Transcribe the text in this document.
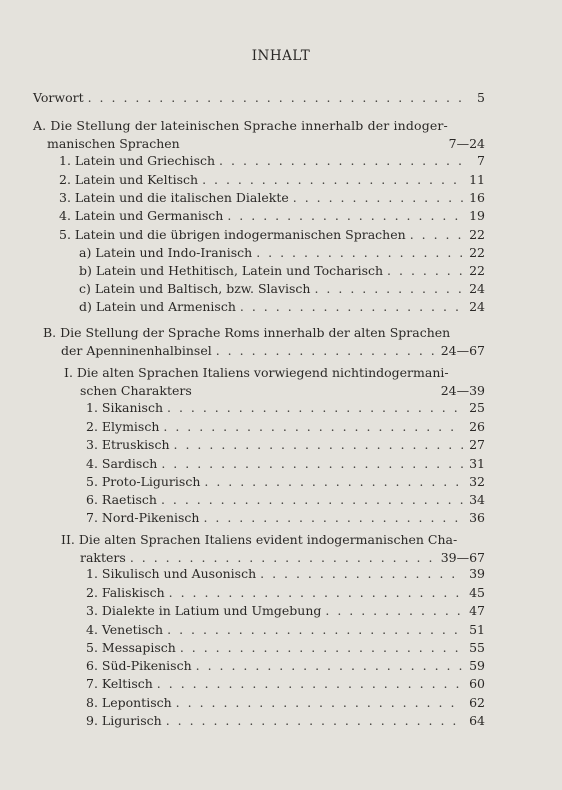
INHALT
Vorwort . . .	5
A. Die Stellung der lateinischen Sprache innerhalb der indoger-
manischen Sprachen	7—24
1. Latein und Griechisch . . .	7
2. Latein und Keltisch . . .	11
3. Latein und die italischen Dialekte . . .	16
4. Latein und Germanisch . . .	19
5. Latein und die übrigen indogermanischen Sprachen . . .	22
a) Latein und Indo-Iranisch . . .	22
b) Latein und Hethitisch, Latein und Tocharisch . . .	22
c) Latein und Baltisch, bzw. Slavisch . . .	24
d) Latein und Armenisch . . .	24
B. Die Stellung der Sprache Roms innerhalb der alten Sprachen
der Apenninenhalbinsel . . .	24—67
I. Die alten Sprachen Italiens vorwiegend nichtindogermani-
schen Charakters	24—39
1. Sikanisch . . .	25
2. Elymisch . . .	26
3. Etruskisch . . .	27
4. Sardisch . . .	31
5. Proto-Ligurisch . . .	32
6. Raetisch . . .	34
7. Nord-Pikenisch . . .	36
II. Die alten Sprachen Italiens evident indogermanischen Cha-
rakters . . .	39—67
1. Sikulisch und Ausonisch . . .	39
2. Faliskisch . . .	45
3. Dialekte in Latium und Umgebung . . .	47
4. Venetisch . . .	51
5. Messapisch . . .	55
6. Süd-Pikenisch . . .	59
7. Keltisch . . .	60
8. Lepontisch . . .	62
9. Ligurisch . . .	64
